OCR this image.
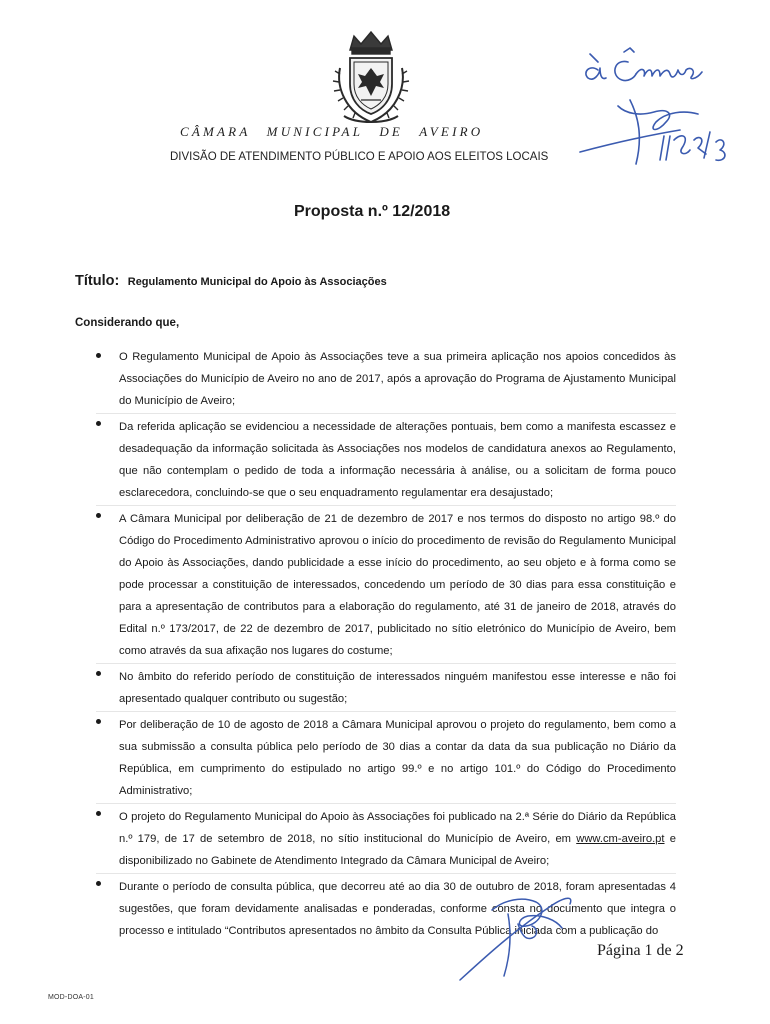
CÂMARA MUNICIPAL DE AVEIRO
DIVISÃO DE ATENDIMENTO PÚBLICO E APOIO AOS ELEITOS LOCAIS
Proposta n.º 12/2018
Título: Regulamento Municipal do Apoio às Associações
Considerando que,
O Regulamento Municipal de Apoio às Associações teve a sua primeira aplicação nos apoios concedidos às Associações do Município de Aveiro no ano de 2017, após a aprovação do Programa de Ajustamento Municipal do Município de Aveiro;
Da referida aplicação se evidenciou a necessidade de alterações pontuais, bem como a manifesta escassez e desadequação da informação solicitada às Associações nos modelos de candidatura anexos ao Regulamento, que não contemplam o pedido de toda a informação necessária à análise, ou a solicitam de forma pouco esclarecedora, concluindo-se que o seu enquadramento regulamentar era desajustado;
A Câmara Municipal por deliberação de 21 de dezembro de 2017 e nos termos do disposto no artigo 98.º do Código do Procedimento Administrativo aprovou o início do procedimento de revisão do Regulamento Municipal do Apoio às Associações, dando publicidade a esse início do procedimento, ao seu objeto e à forma como se pode processar a constituição de interessados, concedendo um período de 30 dias para essa constituição e para a apresentação de contributos para a elaboração do regulamento, até 31 de janeiro de 2018, através do Edital n.º 173/2017, de 22 de dezembro de 2017, publicitado no sítio eletrónico do Município de Aveiro, bem como através da sua afixação nos lugares do costume;
No âmbito do referido período de constituição de interessados ninguém manifestou esse interesse e não foi apresentado qualquer contributo ou sugestão;
Por deliberação de 10 de agosto de 2018 a Câmara Municipal aprovou o projeto do regulamento, bem como a sua submissão a consulta pública pelo período de 30 dias a contar da data da sua publicação no Diário da República, em cumprimento do estipulado no artigo 99.º e no artigo 101.º do Código do Procedimento Administrativo;
O projeto do Regulamento Municipal do Apoio às Associações foi publicado na 2.ª Série do Diário da República n.º 179, de 17 de setembro de 2018, no sítio institucional do Município de Aveiro, em www.cm-aveiro.pt e disponibilizado no Gabinete de Atendimento Integrado da Câmara Municipal de Aveiro;
Durante o período de consulta pública, que decorreu até ao dia 30 de outubro de 2018, foram apresentadas 4 sugestões, que foram devidamente analisadas e ponderadas, conforme consta no documento que integra o processo e intitulado “Contributos apresentados no âmbito da Consulta Pública iniciada com a publicação do
Página 1 de 2
MOD-DOA-01
